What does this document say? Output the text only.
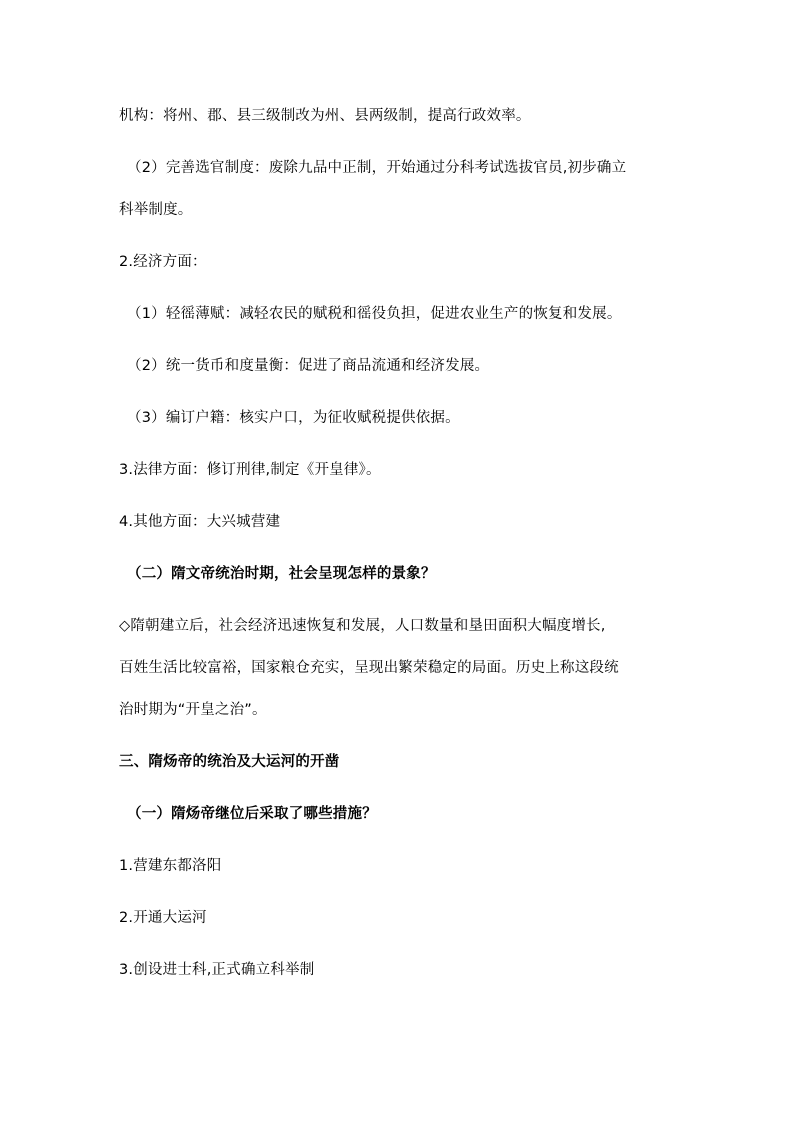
机构：将州、郡、县三级制改为州、县两级制，提高行政效率。
（2）完善选官制度：废除九品中正制，开始通过分科考试选拔官员,初步确立
科举制度。
2.经济方面：
（1）轻徭薄赋：减轻农民的赋税和徭役负担，促进农业生产的恢复和发展。
（2）统一货币和度量衡：促进了商品流通和经济发展。
（3）编订户籍：核实户口，为征收赋税提供依据。
3.法律方面：修订刑律,制定《开皇律》。
4.其他方面：大兴城营建
（二）隋文帝统治时期，社会呈现怎样的景象？
◇隋朝建立后，社会经济迅速恢复和发展，人口数量和垦田面积大幅度增长,
百姓生活比较富裕，国家粮仓充实，呈现出繁荣稳定的局面。历史上称这段统
治时期为“开皇之治”。
三、隋炀帝的统治及大运河的开凿
（一）隋炀帝继位后采取了哪些措施？
1.营建东都洛阳
2.开通大运河
3.创设进士科,正式确立科举制
